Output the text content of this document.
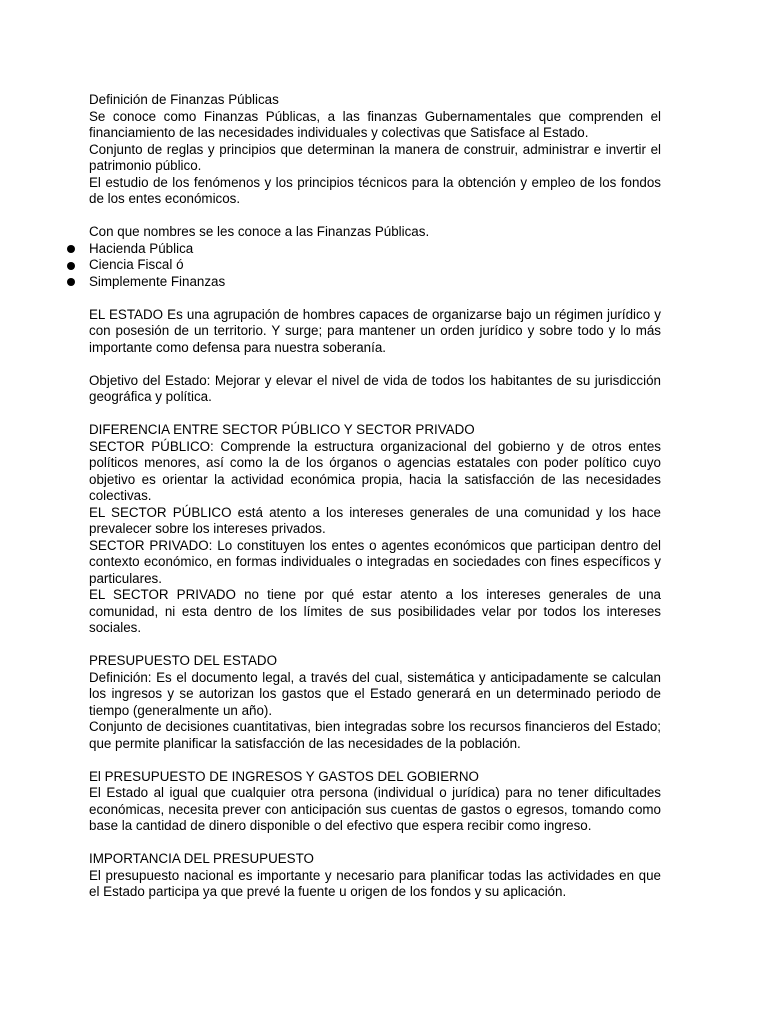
Definición de Finanzas Públicas

Se conoce como Finanzas Públicas, a las finanzas Gubernamentales que comprenden el financiamiento de las necesidades individuales y colectivas que Satisface al Estado.

Conjunto de reglas y principios que determinan la manera de construir, administrar e invertir el patrimonio público.

El estudio de los fenómenos y los principios técnicos para la obtención y empleo de los fondos de los entes económicos.

Con que nombres se les conoce a las Finanzas Públicas.

Hacienda Pública
Ciencia Fiscal ó
Simplemente Finanzas

EL ESTADO Es una agrupación de hombres capaces de organizarse bajo un régimen jurídico y con posesión de un territorio. Y surge; para mantener un orden jurídico y sobre todo y lo más importante como defensa para nuestra soberanía.

Objetivo del Estado: Mejorar y elevar el nivel de vida de todos los habitantes de su jurisdicción geográfica y política.

DIFERENCIA ENTRE SECTOR PÚBLICO Y SECTOR PRIVADO

SECTOR PÚBLICO: Comprende la estructura organizacional del gobierno y de otros entes políticos menores, así como la de los órganos o agencias estatales con poder político cuyo objetivo es orientar la actividad económica propia, hacia la satisfacción de las necesidades colectivas.

EL SECTOR PÚBLICO está atento a los intereses generales de una comunidad y los hace prevalecer sobre los intereses privados.

SECTOR PRIVADO: Lo constituyen los entes o agentes económicos que participan dentro del contexto económico, en formas individuales o integradas en sociedades con fines específicos y particulares.

EL SECTOR PRIVADO no tiene por qué estar atento a los intereses generales de una comunidad, ni esta dentro de los límites de sus posibilidades velar por todos los intereses sociales.

PRESUPUESTO DEL ESTADO

Definición: Es el documento legal, a través del cual, sistemática y anticipadamente se calculan los ingresos y se autorizan los gastos que el Estado generará en un determinado periodo de tiempo (generalmente un año).

Conjunto de decisiones cuantitativas, bien integradas sobre los recursos financieros del Estado; que permite planificar la satisfacción de las necesidades de la población.

El PRESUPUESTO DE INGRESOS Y GASTOS DEL GOBIERNO

El Estado al igual que cualquier otra persona (individual o jurídica) para no tener dificultades económicas, necesita prever con anticipación sus cuentas de gastos o egresos, tomando como base la cantidad de dinero disponible o del efectivo que espera recibir como ingreso.

IMPORTANCIA DEL PRESUPUESTO

El presupuesto nacional es importante y necesario para planificar todas las actividades en que el Estado participa ya que prevé la fuente u origen de los fondos y su aplicación.
